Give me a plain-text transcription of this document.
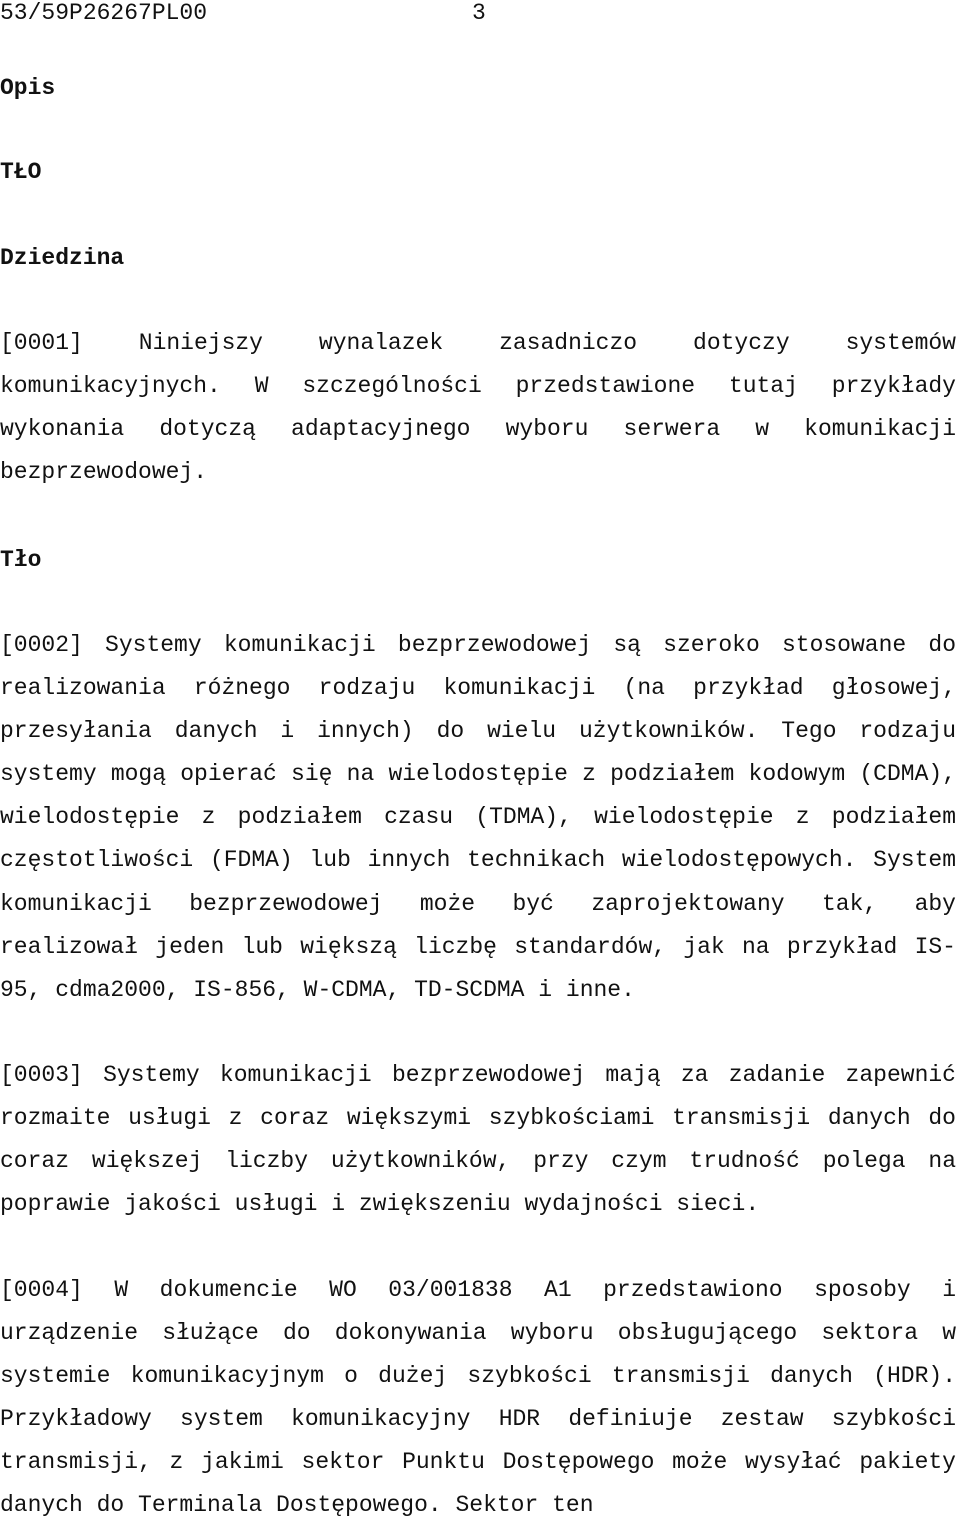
53/59P26267PL00	3
Opis
TŁO
Dziedzina
[0001] Niniejszy wynalazek zasadniczo dotyczy systemów komunikacyjnych. W szczególności przedstawione tutaj przykłady wykonania dotyczą adaptacyjnego wyboru serwera w komunikacji bezprzewodowej.
Tło
[0002] Systemy komunikacji bezprzewodowej są szeroko stosowane do realizowania różnego rodzaju komunikacji (na przykład głosowej, przesyłania danych i innych) do wielu użytkowników. Tego rodzaju systemy mogą opierać się na wielodostępie z podziałem kodowym (CDMA), wielodostępie z podziałem czasu (TDMA), wielodostępie z podziałem częstotliwości (FDMA) lub innych technikach wielodostępowych. System komunikacji bezprzewodowej może być zaprojektowany tak, aby realizował jeden lub większą liczbę standardów, jak na przykład IS-95, cdma2000, IS-856, W-CDMA, TD-SCDMA i inne.
[0003] Systemy komunikacji bezprzewodowej mają za zadanie zapewnić rozmaite usługi z coraz większymi szybkościami transmisji danych do coraz większej liczby użytkowników, przy czym trudność polega na poprawie jakości usługi i zwiększeniu wydajności sieci.
[0004] W dokumencie WO 03/001838 A1 przedstawiono sposoby i urządzenie służące do dokonywania wyboru obsługującego sektora w systemie komunikacyjnym o dużej szybkości transmisji danych (HDR). Przykładowy system komunikacyjny HDR definiuje zestaw szybkości transmisji, z jakimi sektor Punktu Dostępowego może wysyłać pakiety danych do Terminala Dostępowego. Sektor ten
